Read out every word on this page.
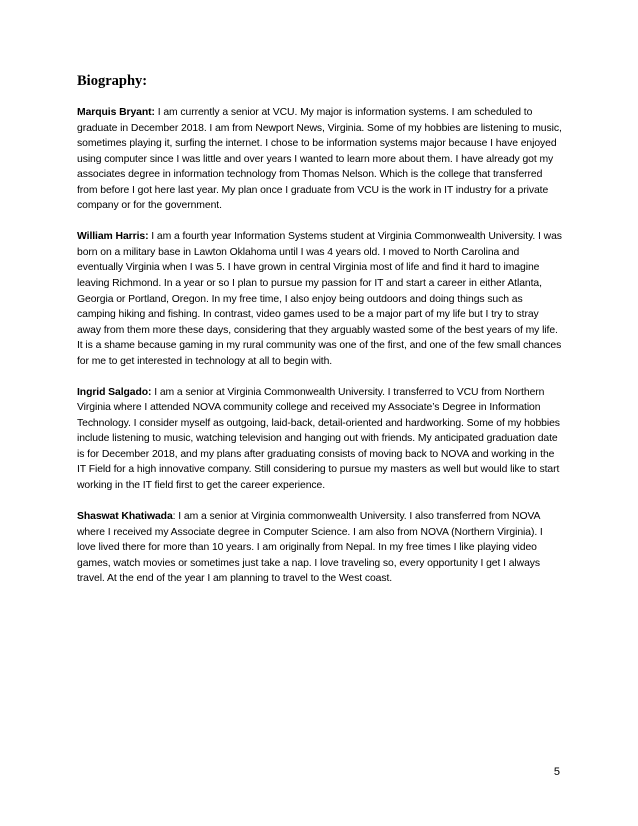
Biography:

Marquis Bryant: I am currently a senior at VCU. My major is information systems. I am scheduled to graduate in December 2018. I am from Newport News, Virginia. Some of my hobbies are listening to music, sometimes playing it, surfing the internet. I chose to be information systems major because I have enjoyed using computer since I was little and over years I wanted to learn more about them. I have already got my associates degree in information technology from Thomas Nelson. Which is the college that transferred from before I got here last year. My plan once I graduate from VCU is the work in IT industry for a private company or for the government.

William Harris: I am a fourth year Information Systems student at Virginia Commonwealth University. I was born on a military base in Lawton Oklahoma until I was 4 years old. I moved to North Carolina and eventually Virginia when I was 5. I have grown in central Virginia most of life and find it hard to imagine leaving Richmond. In a year or so I plan to pursue my passion for IT and start a career in either Atlanta, Georgia or Portland, Oregon. In my free time, I also enjoy being outdoors and doing things such as camping hiking and fishing. In contrast, video games used to be a major part of my life but I try to stray away from them more these days, considering that they arguably wasted some of the best years of my life. It is a shame because gaming in my rural community was one of the first, and one of the few small chances for me to get interested in technology at all to begin with.

Ingrid Salgado: I am a senior at Virginia Commonwealth University. I transferred to VCU from Northern Virginia where I attended NOVA community college and received my Associate’s Degree in Information Technology. I consider myself as outgoing, laid-back, detail-oriented and hardworking. Some of my hobbies include listening to music, watching television and hanging out with friends. My anticipated graduation date is for December 2018, and my plans after graduating consists of moving back to NOVA and working in the IT Field for a high innovative company. Still considering to pursue my masters as well but would like to start working in the IT field first to get the career experience.

Shaswat Khatiwada: I am a senior at Virginia commonwealth University. I also transferred from NOVA where I received my Associate degree in Computer Science. I am also from NOVA (Northern Virginia). I love lived there for more than 10 years. I am originally from Nepal. In my free times I like playing video games, watch movies or sometimes just take a nap. I love traveling so, every opportunity I get I always travel. At the end of the year I am planning to travel to the West coast.

5
